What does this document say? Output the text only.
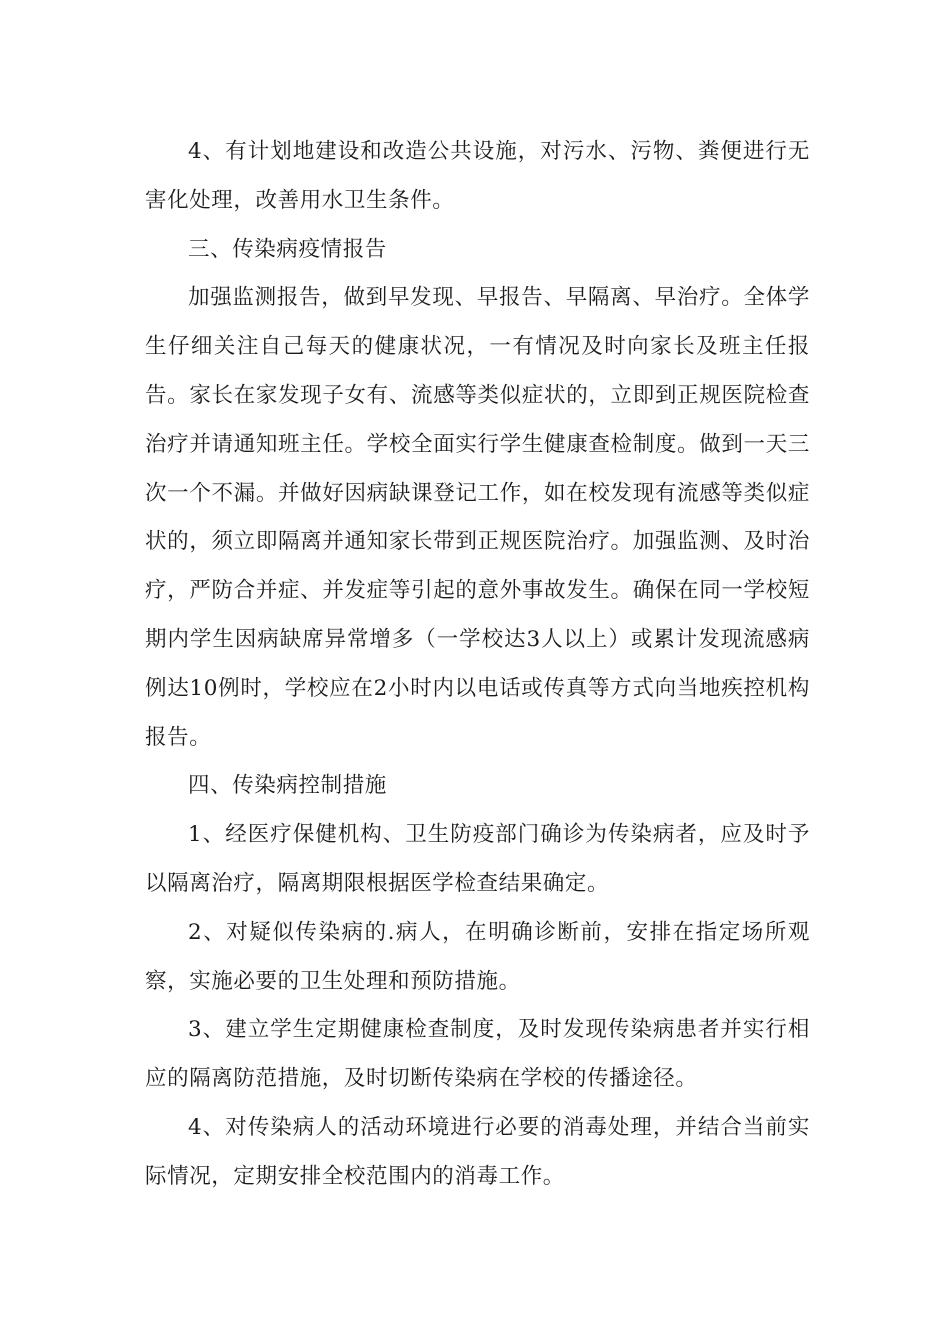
4、有计划地建设和改造公共设施，对污水、污物、粪便进行无害化处理，改善用水卫生条件。

三、传染病疫情报告

加强监测报告，做到早发现、早报告、早隔离、早治疗。全体学生仔细关注自己每天的健康状况，一有情况及时向家长及班主任报告。家长在家发现子女有、流感等类似症状的，立即到正规医院检查治疗并请通知班主任。学校全面实行学生健康查检制度。做到一天三次一个不漏。并做好因病缺课登记工作，如在校发现有流感等类似症状的，须立即隔离并通知家长带到正规医院治疗。加强监测、及时治疗，严防合并症、并发症等引起的意外事故发生。确保在同一学校短期内学生因病缺席异常增多（一学校达3人以上）或累计发现流感病例达10例时，学校应在2小时内以电话或传真等方式向当地疾控机构报告。

四、传染病控制措施

1、经医疗保健机构、卫生防疫部门确诊为传染病者，应及时予以隔离治疗，隔离期限根据医学检查结果确定。

2、对疑似传染病的.病人，在明确诊断前，安排在指定场所观察，实施必要的卫生处理和预防措施。

3、建立学生定期健康检查制度，及时发现传染病患者并实行相应的隔离防范措施，及时切断传染病在学校的传播途径。

4、对传染病人的活动环境进行必要的消毒处理，并结合当前实际情况，定期安排全校范围内的消毒工作。
